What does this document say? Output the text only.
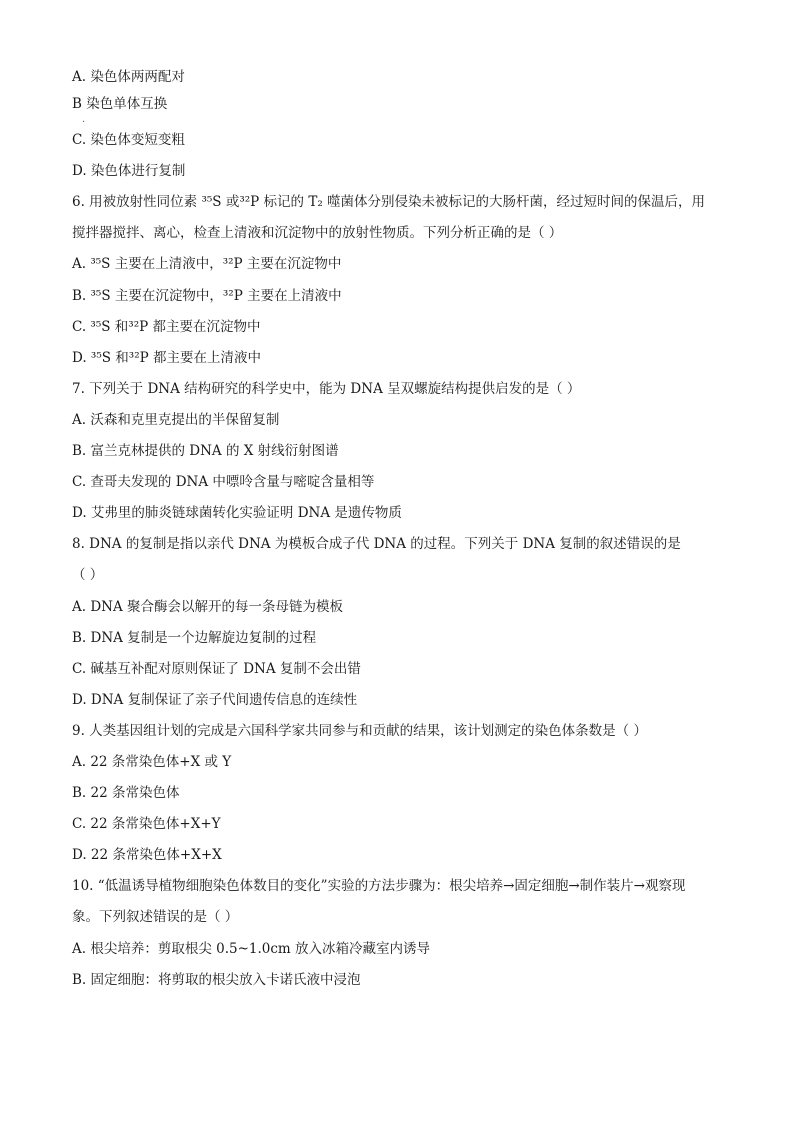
A. 染色体两两配对
B 染色单体互换
.
C. 染色体变短变粗
D. 染色体进行复制
6. 用被放射性同位素 ³⁵S 或³²P 标记的 T₂ 噬菌体分别侵染未被标记的大肠杆菌，经过短时间的保温后，用
搅拌器搅拌、离心，检查上清液和沉淀物中的放射性物质。下列分析正确的是（ ）
A. ³⁵S 主要在上清液中，³²P 主要在沉淀物中
B. ³⁵S 主要在沉淀物中，³²P 主要在上清液中
C. ³⁵S 和³²P 都主要在沉淀物中
D. ³⁵S 和³²P 都主要在上清液中
7. 下列关于 DNA 结构研究的科学史中，能为 DNA 呈双螺旋结构提供启发的是（ ）
A. 沃森和克里克提出的半保留复制
B. 富兰克林提供的 DNA 的 X 射线衍射图谱
C. 查哥夫发现的 DNA 中嘌呤含量与嘧啶含量相等
D. 艾弗里的肺炎链球菌转化实验证明 DNA 是遗传物质
8. DNA 的复制是指以亲代 DNA 为模板合成子代 DNA 的过程。下列关于 DNA 复制的叙述错误的是
（ ）
A. DNA 聚合酶会以解开的每一条母链为模板
B. DNA 复制是一个边解旋边复制的过程
C. 碱基互补配对原则保证了 DNA 复制不会出错
D. DNA 复制保证了亲子代间遗传信息的连续性
9. 人类基因组计划的完成是六国科学家共同参与和贡献的结果，该计划测定的染色体条数是（ ）
A. 22 条常染色体+X 或 Y
B. 22 条常染色体
C. 22 条常染色体+X+Y
D. 22 条常染色体+X+X
10. “低温诱导植物细胞染色体数目的变化”实验的方法步骤为：根尖培养→固定细胞→制作装片→观察现
象。下列叙述错误的是（ ）
A. 根尖培养：剪取根尖 0.5~1.0cm 放入冰箱冷藏室内诱导
B. 固定细胞：将剪取的根尖放入卡诺氏液中浸泡
